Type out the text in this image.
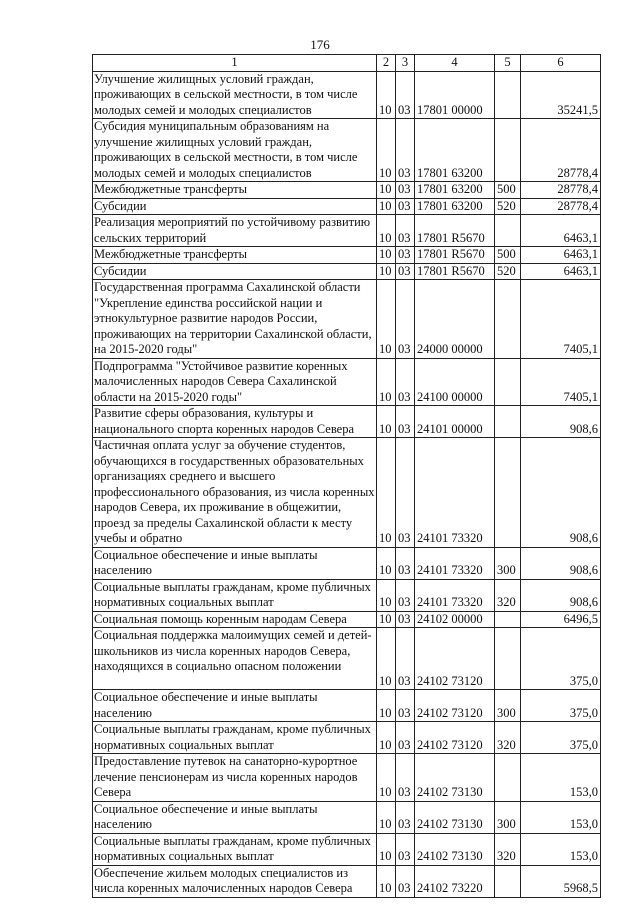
176
1	2	3	4	5	6
Улучшение жилищных условий граждан, проживающих в сельской местности, в том числе молодых семей и молодых специалистов	10	03	17801 00000		35241,5
Субсидия муниципальным образованиям на улучшение жилищных условий граждан, проживающих в сельской местности, в том числе молодых семей и молодых специалистов	10	03	17801 63200		28778,4
Межбюджетные трансферты	10	03	17801 63200	500	28778,4
Субсидии	10	03	17801 63200	520	28778,4
Реализация мероприятий по устойчивому развитию сельских территорий	10	03	17801 R5670		6463,1
Межбюджетные трансферты	10	03	17801 R5670	500	6463,1
Субсидии	10	03	17801 R5670	520	6463,1
Государственная программа Сахалинской области "Укрепление единства российской нации и этнокультурное развитие народов России, проживающих на территории Сахалинской области, на 2015-2020 годы"	10	03	24000 00000		7405,1
Подпрограмма "Устойчивое развитие коренных малочисленных народов Севера Сахалинской области на 2015-2020 годы"	10	03	24100 00000		7405,1
Развитие сферы образования, культуры и национального спорта коренных народов Севера	10	03	24101 00000		908,6
Частичная оплата услуг за обучение студентов, обучающихся в государственных образовательных организациях среднего и высшего профессионального образования, из числа коренных народов Севера, их проживание в общежитии, проезд за пределы Сахалинской области к месту учебы и обратно	10	03	24101 73320		908,6
Социальное обеспечение и иные выплаты населению	10	03	24101 73320	300	908,6
Социальные выплаты гражданам, кроме публичных нормативных социальных выплат	10	03	24101 73320	320	908,6
Социальная помощь коренным народам Севера	10	03	24102 00000		6496,5
Социальная поддержка малоимущих семей и детей-школьников из числа коренных народов Севера, находящихся в социально опасном положении	10	03	24102 73120		375,0
Социальное обеспечение и иные выплаты населению	10	03	24102 73120	300	375,0
Социальные выплаты гражданам, кроме публичных нормативных социальных выплат	10	03	24102 73120	320	375,0
Предоставление путевок на санаторно-курортное лечение пенсионерам из числа коренных народов Севера	10	03	24102 73130		153,0
Социальное обеспечение и иные выплаты населению	10	03	24102 73130	300	153,0
Социальные выплаты гражданам, кроме публичных нормативных социальных выплат	10	03	24102 73130	320	153,0
Обеспечение жильем молодых специалистов из числа коренных малочисленных народов Севера	10	03	24102 73220		5968,5
